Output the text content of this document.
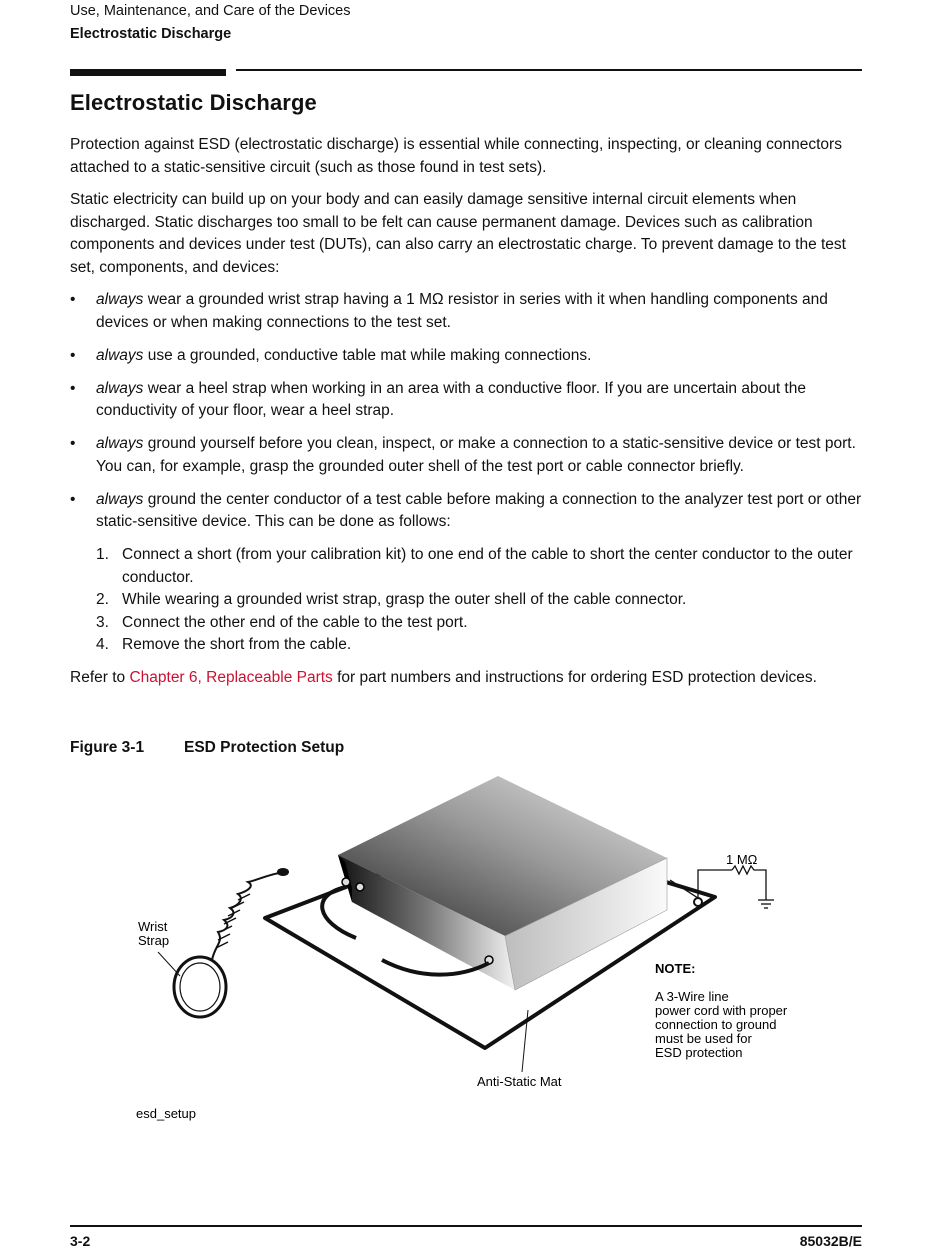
Use, Maintenance, and Care of the Devices
Electrostatic Discharge
Electrostatic Discharge

Protection against ESD (electrostatic discharge) is essential while connecting, inspecting, or cleaning connectors attached to a static-sensitive circuit (such as those found in test sets).

Static electricity can build up on your body and can easily damage sensitive internal circuit elements when discharged. Static discharges too small to be felt can cause permanent damage. Devices such as calibration components and devices under test (DUTs), can also carry an electrostatic charge. To prevent damage to the test set, components, and devices:

• always wear a grounded wrist strap having a 1 MΩ resistor in series with it when handling components and devices or when making connections to the test set.
• always use a grounded, conductive table mat while making connections.
• always wear a heel strap when working in an area with a conductive floor. If you are uncertain about the conductivity of your floor, wear a heel strap.
• always ground yourself before you clean, inspect, or make a connection to a static-sensitive device or test port. You can, for example, grasp the grounded outer shell of the test port or cable connector briefly.
• always ground the center conductor of a test cable before making a connection to the analyzer test port or other static-sensitive device. This can be done as follows:
1. Connect a short (from your calibration kit) to one end of the cable to short the center conductor to the outer conductor.
2. While wearing a grounded wrist strap, grasp the outer shell of the cable connector.
3. Connect the other end of the cable to the test port.
4. Remove the short from the cable.

Refer to Chapter 6, Replaceable Parts for part numbers and instructions for ordering ESD protection devices.

Figure 3-1	ESD Protection Setup
Wrist
Strap
1 MΩ
NOTE:
A 3-Wire line
power cord with proper
connection to ground
must be used for
ESD protection
Anti-Static Mat
esd_setup
3-2	85032B/E
